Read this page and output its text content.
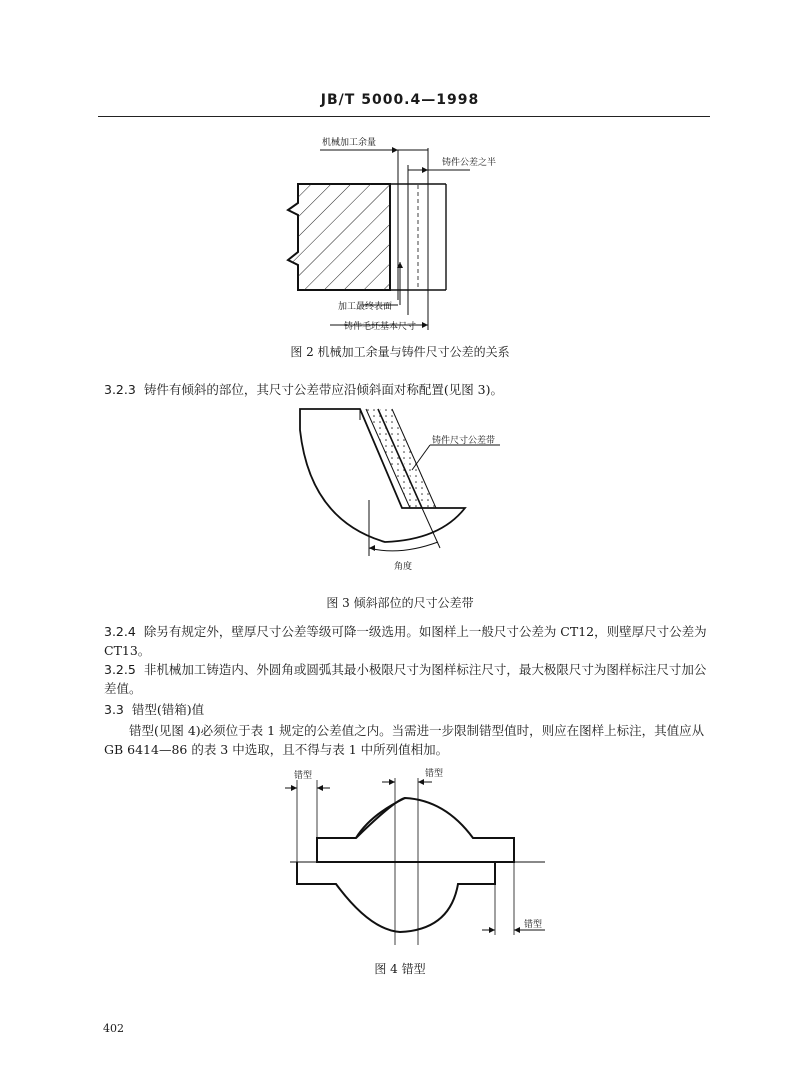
JB/T 5000.4—1998
机械加工余量
铸件公差之半
加工最终表面
铸件毛坯基本尺寸
图 2 机械加工余量与铸件尺寸公差的关系
3.2.3 铸件有倾斜的部位，其尺寸公差带应沿倾斜面对称配置(见图 3)。
铸件尺寸公差带
角度
图 3 倾斜部位的尺寸公差带
3.2.4 除另有规定外，壁厚尺寸公差等级可降一级选用。如图样上一般尺寸公差为 CT12，则壁厚尺寸公差为 CT13。
3.2.5 非机械加工铸造内、外圆角或圆弧其最小极限尺寸为图样标注尺寸，最大极限尺寸为图样标注尺寸加公差值。
3.3 错型(错箱)值
错型(见图 4)必须位于表 1 规定的公差值之内。当需进一步限制错型值时，则应在图样上标注，其值应从 GB 6414—86 的表 3 中选取，且不得与表 1 中所列值相加。
错型	错型
错型
图 4 错型
402
